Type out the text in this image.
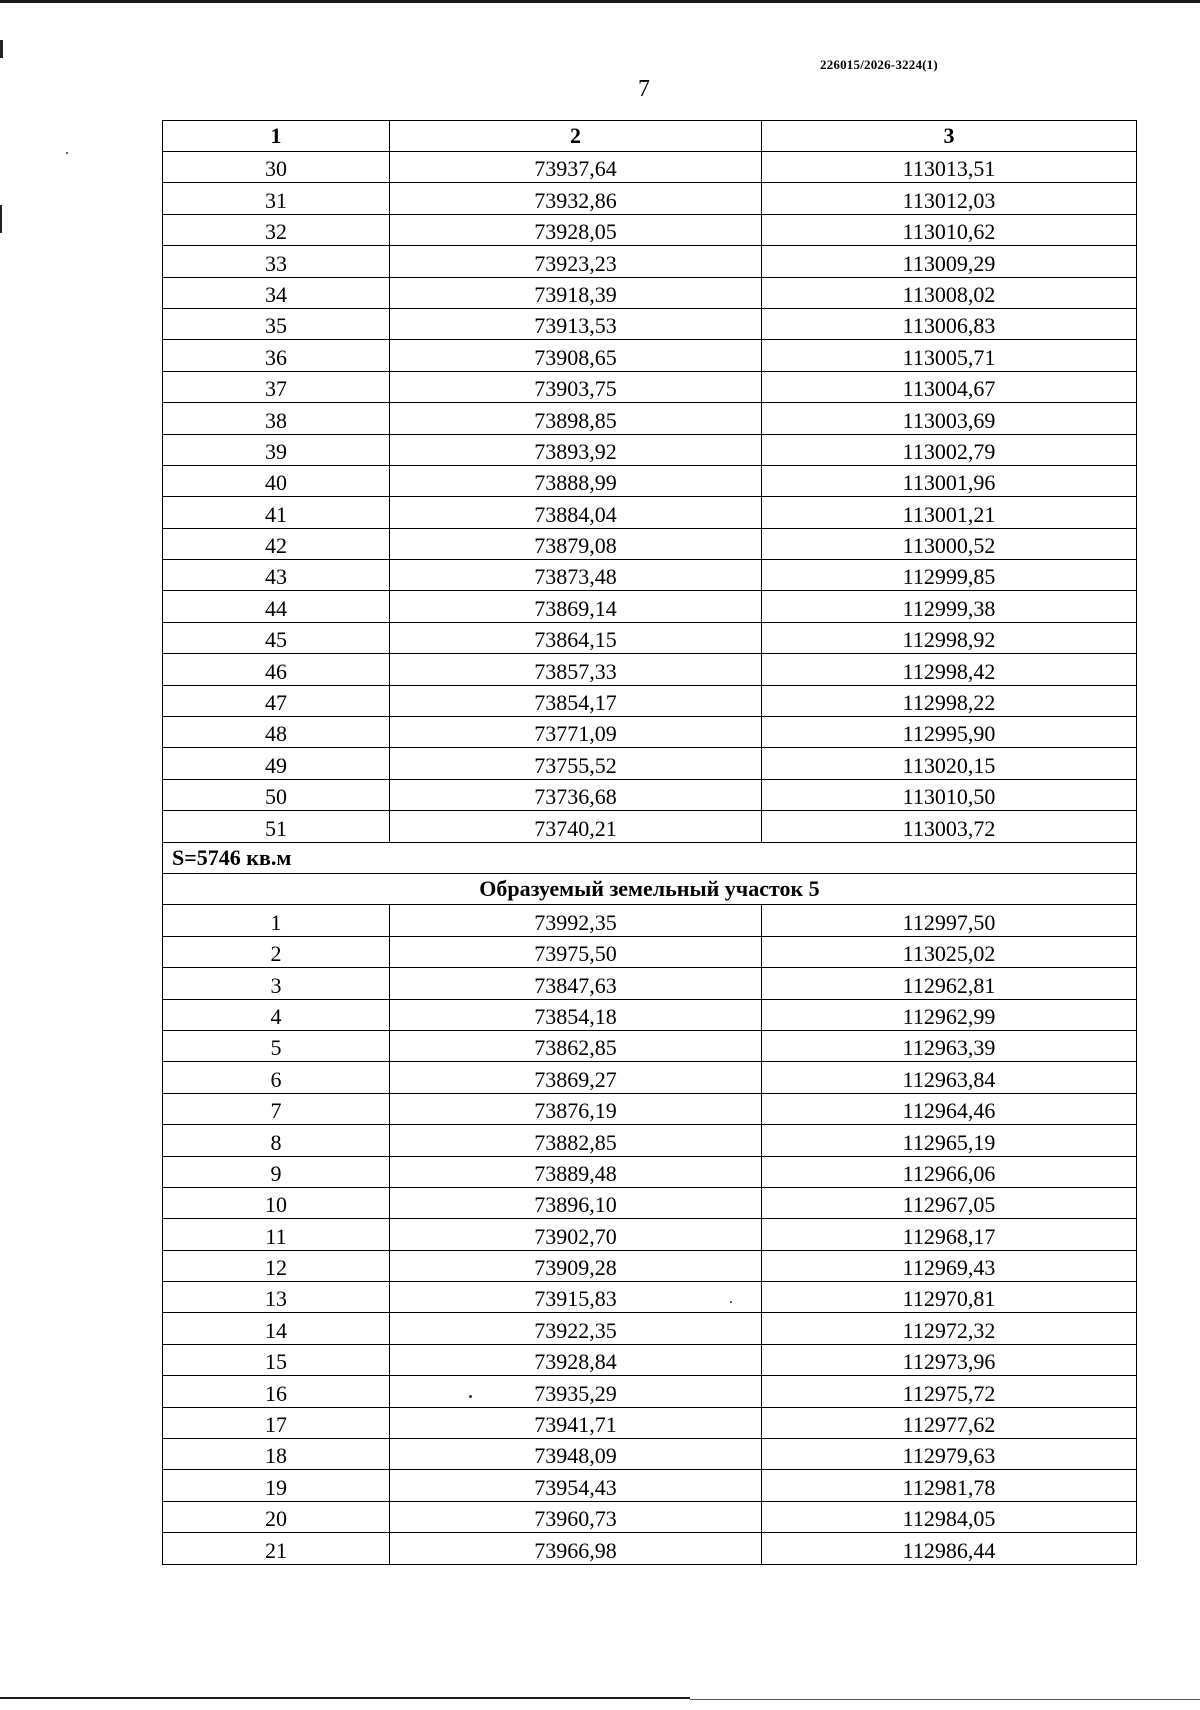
226015/2026-3224(1)
7
1	2	3
30	73937,64	113013,51
31	73932,86	113012,03
32	73928,05	113010,62
33	73923,23	113009,29
34	73918,39	113008,02
35	73913,53	113006,83
36	73908,65	113005,71
37	73903,75	113004,67
38	73898,85	113003,69
39	73893,92	113002,79
40	73888,99	113001,96
41	73884,04	113001,21
42	73879,08	113000,52
43	73873,48	112999,85
44	73869,14	112999,38
45	73864,15	112998,92
46	73857,33	112998,42
47	73854,17	112998,22
48	73771,09	112995,90
49	73755,52	113020,15
50	73736,68	113010,50
51	73740,21	113003,72
S=5746 кв.м		
Образуемый земельный участок 5		
1	73992,35	112997,50
2	73975,50	113025,02
3	73847,63	112962,81
4	73854,18	112962,99
5	73862,85	112963,39
6	73869,27	112963,84
7	73876,19	112964,46
8	73882,85	112965,19
9	73889,48	112966,06
10	73896,10	112967,05
11	73902,70	112968,17
12	73909,28	112969,43
13	73915,83	112970,81
14	73922,35	112972,32
15	73928,84	112973,96
16	73935,29	112975,72
17	73941,71	112977,62
18	73948,09	112979,63
19	73954,43	112981,78
20	73960,73	112984,05
21	73966,98	112986,44
